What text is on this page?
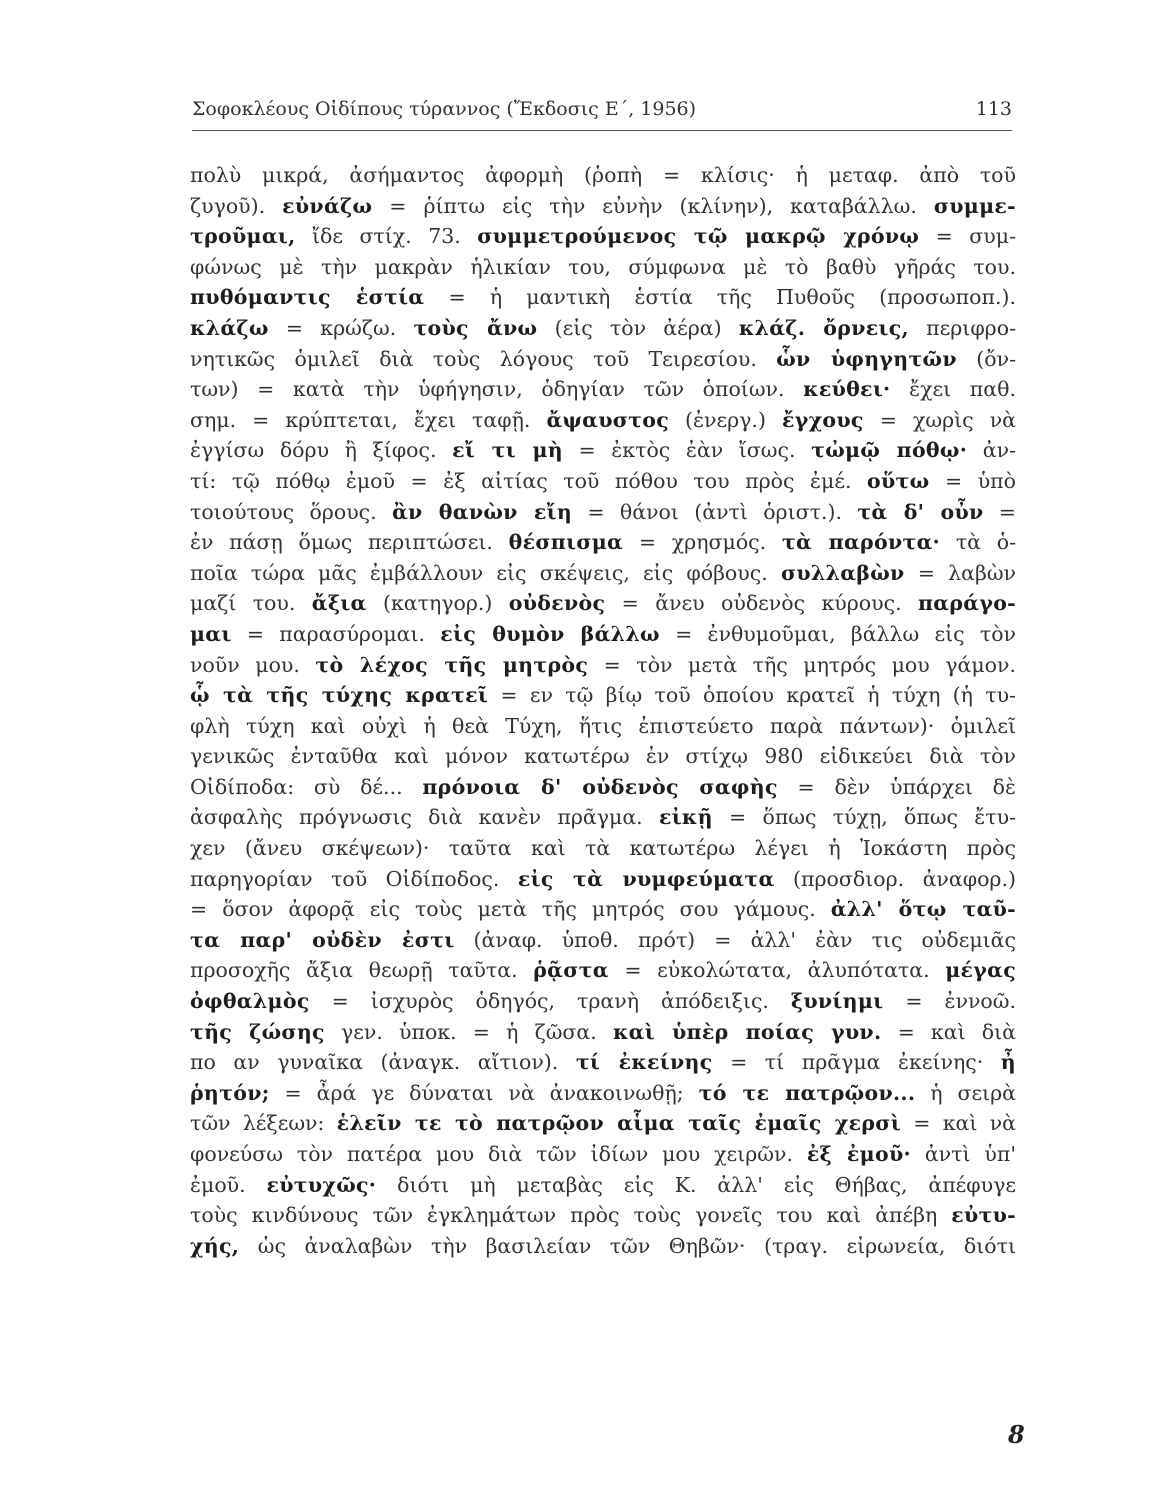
Σοφοκλέους Οἰδίπους τύραννος (Ἔκδοσις Ε΄, 1956)	113
πολὺ μικρά, ἀσήμαντος ἀφορμὴ (ῥοπὴ = κλίσις· ἡ μεταφ. ἀπὸ τοῦ
ζυγοῦ). εὐνάζω = ῥίπτω εἰς τὴν εὐνὴν (κλίνην), καταβάλλω. συμμε-
τροῦμαι, ἴδε στίχ. 73. συμμετρούμενος τῷ μακρῷ χρόνῳ = συμ-
φώνως μὲ τὴν μακρὰν ἡλικίαν του, σύμφωνα μὲ τὸ βαθὺ γῆράς του.
πυθόμαντις ἑστία = ἡ μαντικὴ ἑστία τῆς Πυθοῦς (προσωποπ.).
κλάζω = κρώζω. τοὺς ἄνω (εἰς τὸν ἀέρα) κλάζ. ὄρνεις, περιφρο-
νητικῶς ὁμιλεῖ διὰ τοὺς λόγους τοῦ Τειρεσίου. ὧν ὑφηγητῶν (ὄν-
των) = κατὰ τὴν ὑφήγησιν, ὁδηγίαν τῶν ὁποίων. κεύθει· ἔχει παθ.
σημ. = κρύπτεται, ἔχει ταφῇ. ἄψαυστος (ἐνεργ.) ἔγχους = χωρὶς νὰ
ἐγγίσω δόρυ ἢ ξίφος. εἴ τι μὴ = ἐκτὸς ἐὰν ἴσως. τὠμῷ πόθῳ· ἀν-
τί: τῷ πόθῳ ἐμοῦ = ἐξ αἰτίας τοῦ πόθου του πρὸς ἐμέ. οὕτω = ὑπὸ
τοιούτους ὅρους. ἂν θανὼν εἴη = θάνοι (ἀντὶ ὁριστ.). τὰ δ' οὖν =
ἐν πάσῃ ὅμως περιπτώσει. θέσπισμα = χρησμός. τὰ παρόντα· τὰ ὁ-
ποῖα τώρα μᾶς ἐμβάλλουν εἰς σκέψεις, εἰς φόβους. συλλαβὼν = λαβὼν
μαζί του. ἄξια (κατηγορ.) οὐδενὸς = ἄνευ οὐδενὸς κύρους. παράγο-
μαι = παρασύρομαι. εἰς θυμὸν βάλλω = ἐνθυμοῦμαι, βάλλω εἰς τὸν
νοῦν μου. τὸ λέχος τῆς μητρὸς = τὸν μετὰ τῆς μητρός μου γάμον.
ᾧ τὰ τῆς τύχης κρατεῖ = εν τῷ βίῳ τοῦ ὁποίου κρατεῖ ἡ τύχη (ἡ τυ-
φλὴ τύχη καὶ οὐχὶ ἡ θεὰ Τύχη, ἥτις ἐπιστεύετο παρὰ πάντων)· ὁμιλεῖ
γενικῶς ἐνταῦθα καὶ μόνον κατωτέρω ἐν στίχῳ 980 εἰδικεύει διὰ τὸν
Οἰδίποδα: σὺ δέ... πρόνοια δ' οὐδενὸς σαφὴς = δὲν ὑπάρχει δὲ
ἀσφαλὴς πρόγνωσις διὰ κανὲν πρᾶγμα. εἰκῇ = ὅπως τύχῃ, ὅπως ἔτυ-
χεν (ἄνευ σκέψεων)· ταῦτα καὶ τὰ κατωτέρω λέγει ἡ Ἰοκάστη πρὸς
παρηγορίαν τοῦ Οἰδίποδος. εἰς τὰ νυμφεύματα (προσδιορ. ἀναφορ.)
= ὅσον ἀφορᾷ εἰς τοὺς μετὰ τῆς μητρός σου γάμους. ἀλλ' ὅτῳ ταῦ-
τα παρ' οὐδὲν ἐστι (ἀναφ. ὑποθ. πρότ) = ἀλλ' ἐὰν τις οὐδεμιᾶς
προσοχῆς ἄξια θεωρῇ ταῦτα. ῥᾷστα = εὐκολώτατα, ἀλυπότατα. μέγας
ὀφθαλμὸς = ἰσχυρὸς ὁδηγός, τρανὴ ἀπόδειξις. ξυνίημι = ἐννοῶ.
τῆς ζώσης γεν. ὑποκ. = ἡ ζῶσα. καὶ ὑπὲρ ποίας γυν. = καὶ διὰ
πο αν γυναῖκα (ἀναγκ. αἴτιον). τί ἐκείνης = τί πρᾶγμα ἐκείνης· ἦ
ῥητόν; = ἆρά γε δύναται νὰ ἀνακοινωθῇ; τό τε πατρῷον... ἡ σειρὰ
τῶν λέξεων: ἑλεῖν τε τὸ πατρῷον αἷμα ταῖς ἐμαῖς χερσὶ = καὶ νὰ
φονεύσω τὸν πατέρα μου διὰ τῶν ἰδίων μου χειρῶν. ἐξ ἐμοῦ· ἀντὶ ὑπ'
ἐμοῦ. εὐτυχῶς· διότι μὴ μεταβὰς εἰς Κ. ἀλλ' εἰς Θήβας, ἀπέφυγε
τοὺς κινδύνους τῶν ἐγκλημάτων πρὸς τοὺς γονεῖς του καὶ ἀπέβη εὐτυ-
χής, ὡς ἀναλαβὼν τὴν βασιλείαν τῶν Θηβῶν· (τραγ. εἰρωνεία, διότι
8
